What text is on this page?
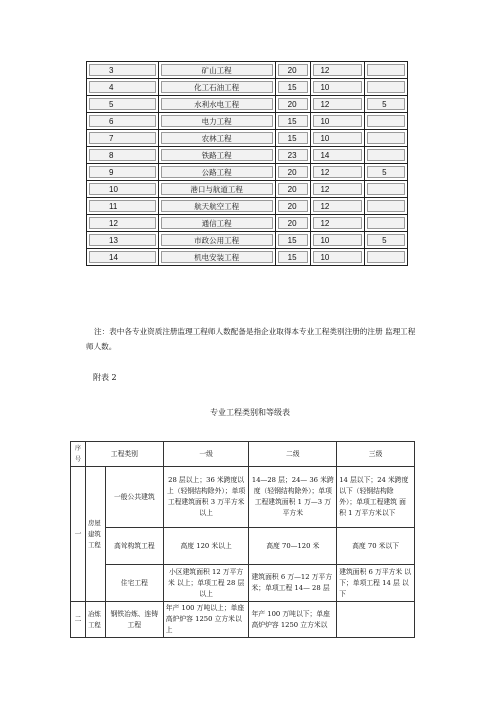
3	矿山工程	20	12	
4	化工石油工程	15	10	
5	水利水电工程	20	12	5
6	电力工程	15	10	
7	农林工程	15	10	
8	铁路工程	23	14	
9	公路工程	20	12	5
10	港口与航道工程	20	12	
11	航天航空工程	20	12	
12	通信工程	20	12	
13	市政公用工程	15	10	5
14	机电安装工程	15	10	
注：表中各专业资质注册监理工程师人数配备是指企业取得本专业工程类别注册的注册 监理工程师人数。
附表 2
专业工程类别和等级表
序号	工程类别		一级	二级	三级
一	房屋建筑工程	一般公共建筑	28 层以上；36 米跨度以上（轻钢结构除外）；单项 工程建筑面积 3 万平方米 以上	14—28 层；24— 36 米跨度（轻钢结构除外）；单项 工程建筑面积 1 万—3 万 平方米	14 层以下；24 米跨度 以下（轻钢结构除 外）；单项工程建筑 面积 1 万平方米以下
		高耸构筑工程	高度 120 米以上	高度 70—120 米	高度 70 米以下
		住宅工程	小区建筑面积 12 万平方米 以上；单项工程 28 层以上	建筑面积 6 万—12 万平方米；单项工程 14— 28 层	建筑面积 6 万平方米 以下；单项工程 14 层 以下
二	冶炼工程	钢铁冶炼、连铸工程	年产 100 万吨以上；单座 高炉炉容 1250 立方米以上	年产 100 万吨以下；单座 高炉炉容 1250 立方米以	
